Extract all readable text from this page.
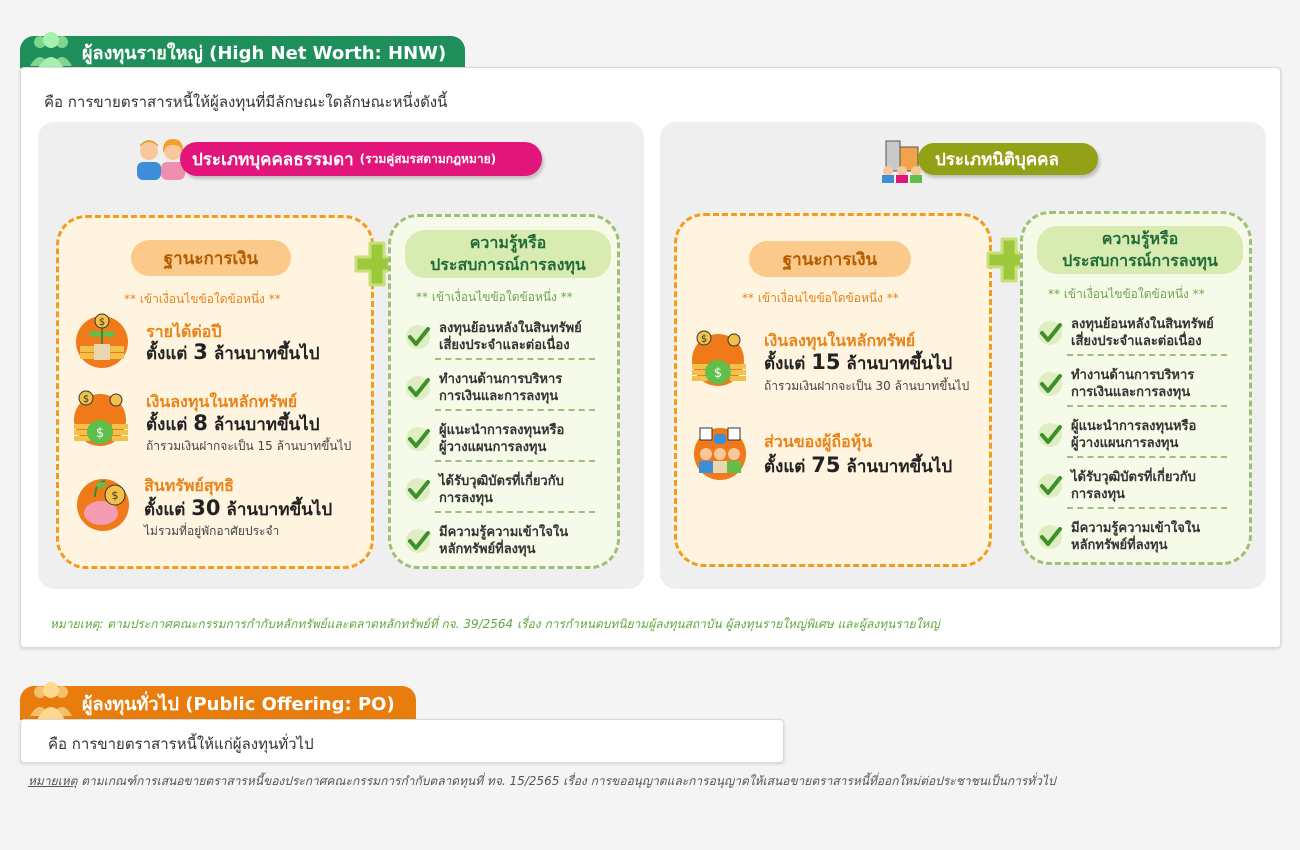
ผู้ลงทุนรายใหญ่ (High Net Worth: HNW)
คือ การขายตราสารหนี้ให้ผู้ลงทุนที่มีลักษณะใดลักษณะหนึ่งดังนี้
ประเภทบุคคลธรรมดา (รวมคู่สมรสตามกฎหมาย)
ฐานะการเงิน
** เข้าเงื่อนไขข้อใดข้อหนึ่ง **
$	รายได้ต่อปี
ตั้งแต่ 3 ล้านบาทขึ้นไป
$
$	เงินลงทุนในหลักทรัพย์
ตั้งแต่ 8 ล้านบาทขึ้นไป
ถ้ารวมเงินฝากจะเป็น 15 ล้านบาทขึ้นไป
$
สินทรัพย์สุทธิ
ตั้งแต่ 30 ล้านบาทขึ้นไป
ไม่รวมที่อยู่พักอาศัยประจำ
ความรู้หรือ
ประสบการณ์การลงทุน
** เข้าเงื่อนไขข้อใดข้อหนึ่ง **
ลงทุนย้อนหลังในสินทรัพย์
เสี่ยงประจำและต่อเนื่อง
ทำงานด้านการบริหาร
การเงินและการลงทุน
ผู้แนะนำการลงทุนหรือ
ผู้วางแผนการลงทุน
ได้รับวุฒิบัตรที่เกี่ยวกับ
การลงทุน
มีความรู้ความเข้าใจใน
หลักทรัพย์ที่ลงทุน
ประเภทนิติบุคคล
ฐานะการเงิน
** เข้าเงื่อนไขข้อใดข้อหนึ่ง **
$
$	เงินลงทุนในหลักทรัพย์
ตั้งแต่ 15 ล้านบาทขึ้นไป
ถ้ารวมเงินฝากจะเป็น 30 ล้านบาทขึ้นไป
ส่วนของผู้ถือหุ้น
ตั้งแต่ 75 ล้านบาทขึ้นไป
ความรู้หรือ
ประสบการณ์การลงทุน
** เข้าเงื่อนไขข้อใดข้อหนึ่ง **
ลงทุนย้อนหลังในสินทรัพย์
เสี่ยงประจำและต่อเนื่อง
ทำงานด้านการบริหาร
การเงินและการลงทุน
ผู้แนะนำการลงทุนหรือ
ผู้วางแผนการลงทุน
ได้รับวุฒิบัตรที่เกี่ยวกับ
การลงทุน
มีความรู้ความเข้าใจใน
หลักทรัพย์ที่ลงทุน
หมายเหตุ: ตามประกาศคณะกรรมการกำกับหลักทรัพย์และตลาดหลักทรัพย์ที่ กจ. 39/2564 เรื่อง การกำหนดบทนิยามผู้ลงทุนสถาบัน ผู้ลงทุนรายใหญ่พิเศษ และผู้ลงทุนรายใหญ่
ผู้ลงทุนทั่วไป (Public Offering: PO)
คือ การขายตราสารหนี้ให้แก่ผู้ลงทุนทั่วไป
หมายเหตุ ตามเกณฑ์การเสนอขายตราสารหนี้ของประกาศคณะกรรมการกำกับตลาดทุนที่ ทจ. 15/2565 เรื่อง การขออนุญาตและการอนุญาตให้เสนอขายตราสารหนี้ที่ออกใหม่ต่อประชาชนเป็นการทั่วไป
